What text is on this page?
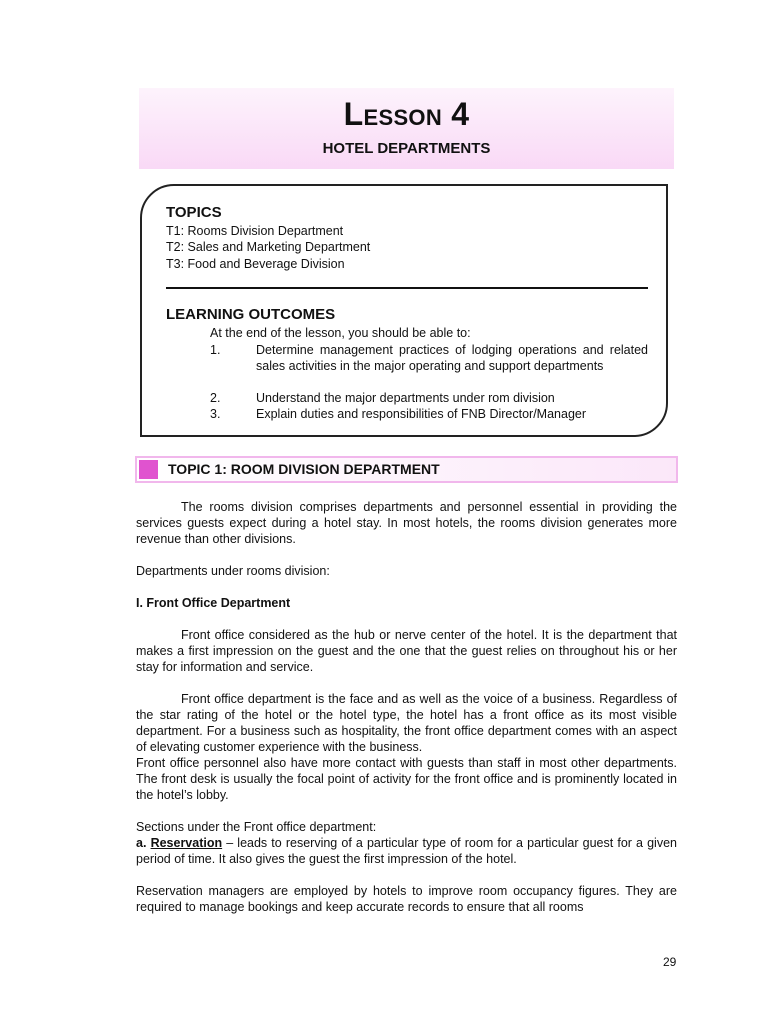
Lesson 4
HOTEL DEPARTMENTS
TOPICS
T1: Rooms Division Department
T2: Sales and Marketing Department
T3: Food and Beverage Division
LEARNING OUTCOMES
At the end of the lesson, you should be able to:
1.	Determine management practices of lodging operations and related sales activities in the major operating and support departments
2.	Understand the major departments under rom division
3.	Explain duties and responsibilities of FNB Director/Manager
TOPIC 1: ROOM DIVISION DEPARTMENT
The rooms division comprises departments and personnel essential in providing the services guests expect during a hotel stay. In most hotels, the rooms division generates more revenue than other divisions.
Departments under rooms division:
I. Front Office Department
Front office considered as the hub or nerve center of the hotel. It is the department that makes a first impression on the guest and the one that the guest relies on throughout his or her stay for information and service.
Front office department is the face and as well as the voice of a business. Regardless of the star rating of the hotel or the hotel type, the hotel has a front office as its most visible department. For a business such as hospitality, the front office department comes with an aspect of elevating customer experience with the business.
Front office personnel also have more contact with guests than staff in most other departments. The front desk is usually the focal point of activity for the front office and is prominently located in the hotel’s lobby.
Sections under the Front office department:
a. Reservation – leads to reserving of a particular type of room for a particular guest for a given period of time. It also gives the guest the first impression of the hotel.
Reservation managers are employed by hotels to improve room occupancy figures. They are required to manage bookings and keep accurate records to ensure that all rooms
29
